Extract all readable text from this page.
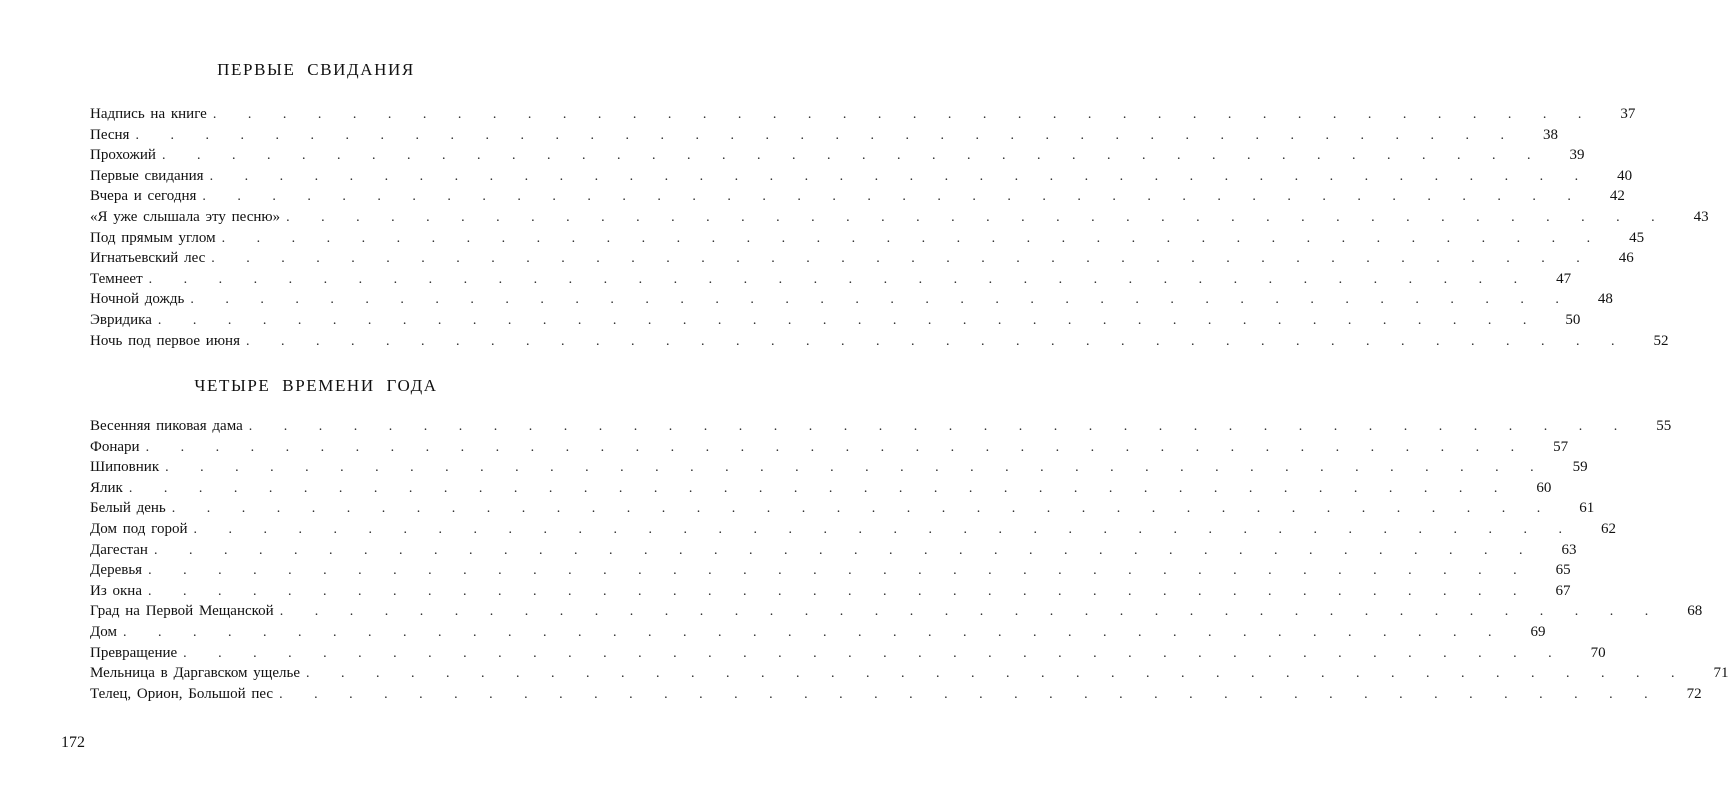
ПЕРВЫЕ СВИДАНИЯ
Надпись на книге . . . . . . . . . . . . . . . . . . . . . . . . . . . . . . . . . . . . . . . .	37
Песня . . . . . . . . . . . . . . . . . . . . . . . . . . . . . . . . . . . . . . . .	38
Прохожий . . . . . . . . . . . . . . . . . . . . . . . . . . . . . . . . . . . . . . . .	39
Первые свидания . . . . . . . . . . . . . . . . . . . . . . . . . . . . . . . . . . . . . . . .	40
Вчера и сегодня . . . . . . . . . . . . . . . . . . . . . . . . . . . . . . . . . . . . . . . .	42
«Я уже слышала эту песню» . . . . . . . . . . . . . . . . . . . . . . . . . . . . . . . . . . . . . . . .	43
Под прямым углом . . . . . . . . . . . . . . . . . . . . . . . . . . . . . . . . . . . . . . . .	45
Игнатьевский лес . . . . . . . . . . . . . . . . . . . . . . . . . . . . . . . . . . . . . . . .	46
Темнеет . . . . . . . . . . . . . . . . . . . . . . . . . . . . . . . . . . . . . . . .	47
Ночной дождь . . . . . . . . . . . . . . . . . . . . . . . . . . . . . . . . . . . . . . . .	48
Эвридика . . . . . . . . . . . . . . . . . . . . . . . . . . . . . . . . . . . . . . . .	50
Ночь под первое июня . . . . . . . . . . . . . . . . . . . . . . . . . . . . . . . . . . . . . . . .	52
ЧЕТЫРЕ ВРЕМЕНИ ГОДА
Весенняя пиковая дама . . . . . . . . . . . . . . . . . . . . . . . . . . . . . . . . . . . . . . . .	55
Фонари . . . . . . . . . . . . . . . . . . . . . . . . . . . . . . . . . . . . . . . .	57
Шиповник . . . . . . . . . . . . . . . . . . . . . . . . . . . . . . . . . . . . . . . .	59
Ялик . . . . . . . . . . . . . . . . . . . . . . . . . . . . . . . . . . . . . . . .	60
Белый день . . . . . . . . . . . . . . . . . . . . . . . . . . . . . . . . . . . . . . . .	61
Дом под горой . . . . . . . . . . . . . . . . . . . . . . . . . . . . . . . . . . . . . . . .	62
Дагестан . . . . . . . . . . . . . . . . . . . . . . . . . . . . . . . . . . . . . . . .	63
Деревья . . . . . . . . . . . . . . . . . . . . . . . . . . . . . . . . . . . . . . . .	65
Из окна . . . . . . . . . . . . . . . . . . . . . . . . . . . . . . . . . . . . . . . .	67
Град на Первой Мещанской . . . . . . . . . . . . . . . . . . . . . . . . . . . . . . . . . . . . . . . .	68
Дом . . . . . . . . . . . . . . . . . . . . . . . . . . . . . . . . . . . . . . . .	69
Превращение . . . . . . . . . . . . . . . . . . . . . . . . . . . . . . . . . . . . . . . .	70
Мельница в Даргавском ущелье . . . . . . . . . . . . . . . . . . . . . . . . . . . . . . . . . . . . . . . .	71
Телец, Орион, Большой пес . . . . . . . . . . . . . . . . . . . . . . . . . . . . . . . . . . . . . . . .	72

172
